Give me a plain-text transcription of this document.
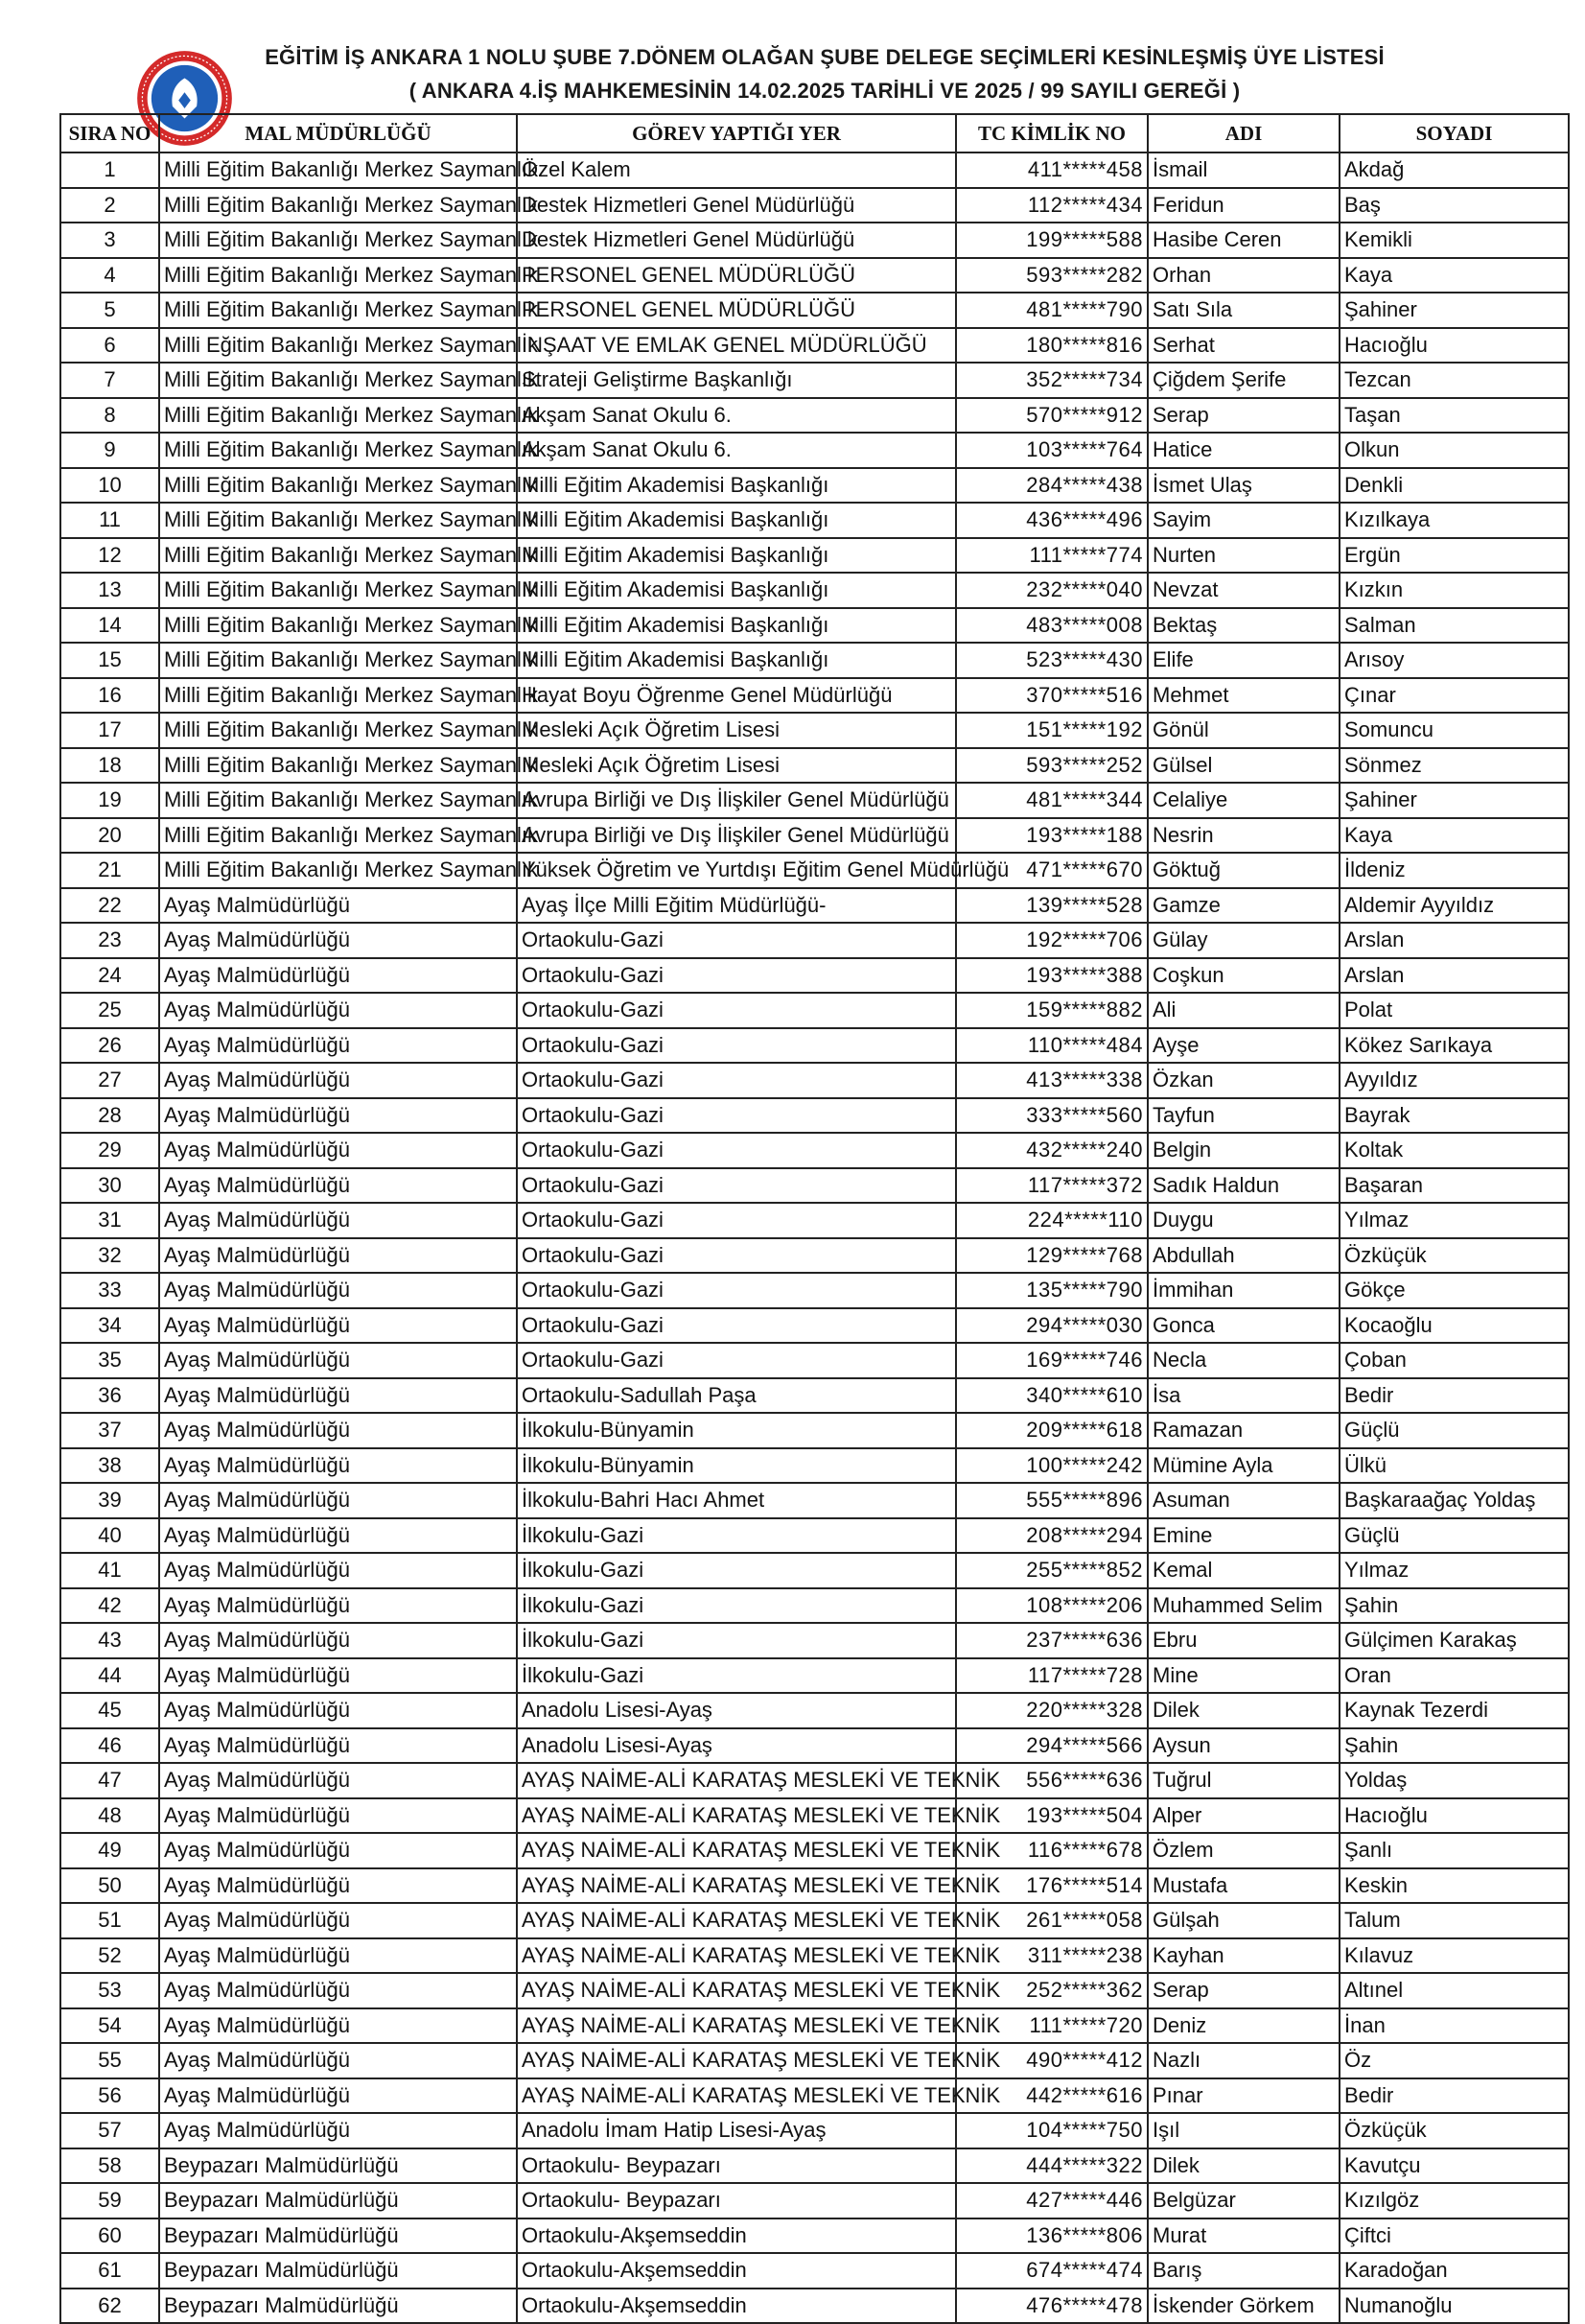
EĞİTİM İŞ ANKARA 1 NOLU ŞUBE 7.DÖNEM OLAĞAN ŞUBE DELEGE SEÇİMLERİ KESİNLEŞMİŞ ÜYE LİSTESİ
( ANKARA 4.İŞ MAHKEMESİNİN 14.02.2025 TARİHLİ VE 2025 / 99 SAYILI GEREĞİ )
SIRA NO	MAL MÜDÜRLÜĞÜ	GÖREV YAPTIĞI YER	TC KİMLİK NO	ADI	SOYADI
1	Milli Eğitim Bakanlığı Merkez Saymanlık	Özel Kalem	411*****458	İsmail	Akdağ
2	Milli Eğitim Bakanlığı Merkez Saymanlık	Destek Hizmetleri Genel Müdürlüğü	112*****434	Feridun	Baş
3	Milli Eğitim Bakanlığı Merkez Saymanlık	Destek Hizmetleri Genel Müdürlüğü	199*****588	Hasibe Ceren	Kemikli
4	Milli Eğitim Bakanlığı Merkez Saymanlık	PERSONEL GENEL MÜDÜRLÜĞÜ	593*****282	Orhan	Kaya
5	Milli Eğitim Bakanlığı Merkez Saymanlık	PERSONEL GENEL MÜDÜRLÜĞÜ	481*****790	Satı Sıla	Şahiner
6	Milli Eğitim Bakanlığı Merkez Saymanlık	İNŞAAT VE EMLAK GENEL MÜDÜRLÜĞÜ	180*****816	Serhat	Hacıoğlu
7	Milli Eğitim Bakanlığı Merkez Saymanlık	Strateji Geliştirme Başkanlığı	352*****734	Çiğdem Şerife	Tezcan
8	Milli Eğitim Bakanlığı Merkez Saymanlık	Akşam Sanat Okulu 6.	570*****912	Serap	Taşan
9	Milli Eğitim Bakanlığı Merkez Saymanlık	Akşam Sanat Okulu 6.	103*****764	Hatice	Olkun
10	Milli Eğitim Bakanlığı Merkez Saymanlık	Milli Eğitim Akademisi Başkanlığı	284*****438	İsmet Ulaş	Denkli
11	Milli Eğitim Bakanlığı Merkez Saymanlık	Milli Eğitim Akademisi Başkanlığı	436*****496	Sayim	Kızılkaya
12	Milli Eğitim Bakanlığı Merkez Saymanlık	Milli Eğitim Akademisi Başkanlığı	111*****774	Nurten	Ergün
13	Milli Eğitim Bakanlığı Merkez Saymanlık	Milli Eğitim Akademisi Başkanlığı	232*****040	Nevzat	Kızkın
14	Milli Eğitim Bakanlığı Merkez Saymanlık	Milli Eğitim Akademisi Başkanlığı	483*****008	Bektaş	Salman
15	Milli Eğitim Bakanlığı Merkez Saymanlık	Milli Eğitim Akademisi Başkanlığı	523*****430	Elife	Arısoy
16	Milli Eğitim Bakanlığı Merkez Saymanlık	Hayat Boyu Öğrenme Genel Müdürlüğü	370*****516	Mehmet	Çınar
17	Milli Eğitim Bakanlığı Merkez Saymanlık	Mesleki Açık Öğretim Lisesi	151*****192	Gönül	Somuncu
18	Milli Eğitim Bakanlığı Merkez Saymanlık	Mesleki Açık Öğretim Lisesi	593*****252	Gülsel	Sönmez
19	Milli Eğitim Bakanlığı Merkez Saymanlık	Avrupa Birliği ve Dış İlişkiler Genel Müdürlüğü	481*****344	Celaliye	Şahiner
20	Milli Eğitim Bakanlığı Merkez Saymanlık	Avrupa Birliği ve Dış İlişkiler Genel Müdürlüğü	193*****188	Nesrin	Kaya
21	Milli Eğitim Bakanlığı Merkez Saymanlık	Yüksek Öğretim ve Yurtdışı Eğitim Genel Müdürlüğü	471*****670	Göktuğ	İldeniz
22	Ayaş Malmüdürlüğü	Ayaş İlçe Milli Eğitim Müdürlüğü-	139*****528	Gamze	Aldemir Ayyıldız
23	Ayaş Malmüdürlüğü	Ortaokulu-Gazi	192*****706	Gülay	Arslan
24	Ayaş Malmüdürlüğü	Ortaokulu-Gazi	193*****388	Coşkun	Arslan
25	Ayaş Malmüdürlüğü	Ortaokulu-Gazi	159*****882	Ali	Polat
26	Ayaş Malmüdürlüğü	Ortaokulu-Gazi	110*****484	Ayşe	Kökez Sarıkaya
27	Ayaş Malmüdürlüğü	Ortaokulu-Gazi	413*****338	Özkan	Ayyıldız
28	Ayaş Malmüdürlüğü	Ortaokulu-Gazi	333*****560	Tayfun	Bayrak
29	Ayaş Malmüdürlüğü	Ortaokulu-Gazi	432*****240	Belgin	Koltak
30	Ayaş Malmüdürlüğü	Ortaokulu-Gazi	117*****372	Sadık Haldun	Başaran
31	Ayaş Malmüdürlüğü	Ortaokulu-Gazi	224*****110	Duygu	Yılmaz
32	Ayaş Malmüdürlüğü	Ortaokulu-Gazi	129*****768	Abdullah	Özküçük
33	Ayaş Malmüdürlüğü	Ortaokulu-Gazi	135*****790	İmmihan	Gökçe
34	Ayaş Malmüdürlüğü	Ortaokulu-Gazi	294*****030	Gonca	Kocaoğlu
35	Ayaş Malmüdürlüğü	Ortaokulu-Gazi	169*****746	Necla	Çoban
36	Ayaş Malmüdürlüğü	Ortaokulu-Sadullah Paşa	340*****610	İsa	Bedir
37	Ayaş Malmüdürlüğü	İlkokulu-Bünyamin	209*****618	Ramazan	Güçlü
38	Ayaş Malmüdürlüğü	İlkokulu-Bünyamin	100*****242	Mümine Ayla	Ülkü
39	Ayaş Malmüdürlüğü	İlkokulu-Bahri Hacı Ahmet	555*****896	Asuman	Başkaraağaç Yoldaş
40	Ayaş Malmüdürlüğü	İlkokulu-Gazi	208*****294	Emine	Güçlü
41	Ayaş Malmüdürlüğü	İlkokulu-Gazi	255*****852	Kemal	Yılmaz
42	Ayaş Malmüdürlüğü	İlkokulu-Gazi	108*****206	Muhammed Selim	Şahin
43	Ayaş Malmüdürlüğü	İlkokulu-Gazi	237*****636	Ebru	Gülçimen Karakaş
44	Ayaş Malmüdürlüğü	İlkokulu-Gazi	117*****728	Mine	Oran
45	Ayaş Malmüdürlüğü	Anadolu Lisesi-Ayaş	220*****328	Dilek	Kaynak Tezerdi
46	Ayaş Malmüdürlüğü	Anadolu Lisesi-Ayaş	294*****566	Aysun	Şahin
47	Ayaş Malmüdürlüğü	AYAŞ NAİME-ALİ KARATAŞ MESLEKİ VE TEKNİK	556*****636	Tuğrul	Yoldaş
48	Ayaş Malmüdürlüğü	AYAŞ NAİME-ALİ KARATAŞ MESLEKİ VE TEKNİK	193*****504	Alper	Hacıoğlu
49	Ayaş Malmüdürlüğü	AYAŞ NAİME-ALİ KARATAŞ MESLEKİ VE TEKNİK	116*****678	Özlem	Şanlı
50	Ayaş Malmüdürlüğü	AYAŞ NAİME-ALİ KARATAŞ MESLEKİ VE TEKNİK	176*****514	Mustafa	Keskin
51	Ayaş Malmüdürlüğü	AYAŞ NAİME-ALİ KARATAŞ MESLEKİ VE TEKNİK	261*****058	Gülşah	Talum
52	Ayaş Malmüdürlüğü	AYAŞ NAİME-ALİ KARATAŞ MESLEKİ VE TEKNİK	311*****238	Kayhan	Kılavuz
53	Ayaş Malmüdürlüğü	AYAŞ NAİME-ALİ KARATAŞ MESLEKİ VE TEKNİK	252*****362	Serap	Altınel
54	Ayaş Malmüdürlüğü	AYAŞ NAİME-ALİ KARATAŞ MESLEKİ VE TEKNİK	111*****720	Deniz	İnan
55	Ayaş Malmüdürlüğü	AYAŞ NAİME-ALİ KARATAŞ MESLEKİ VE TEKNİK	490*****412	Nazlı	Öz
56	Ayaş Malmüdürlüğü	AYAŞ NAİME-ALİ KARATAŞ MESLEKİ VE TEKNİK	442*****616	Pınar	Bedir
57	Ayaş Malmüdürlüğü	Anadolu İmam Hatip Lisesi-Ayaş	104*****750	Işıl	Özküçük
58	Beypazarı Malmüdürlüğü	Ortaokulu- Beypazarı	444*****322	Dilek	Kavutçu
59	Beypazarı Malmüdürlüğü	Ortaokulu- Beypazarı	427*****446	Belgüzar	Kızılgöz
60	Beypazarı Malmüdürlüğü	Ortaokulu-Akşemseddin	136*****806	Murat	Çiftci
61	Beypazarı Malmüdürlüğü	Ortaokulu-Akşemseddin	674*****474	Barış	Karadoğan
62	Beypazarı Malmüdürlüğü	Ortaokulu-Akşemseddin	476*****478	İskender Görkem	Numanoğlu
